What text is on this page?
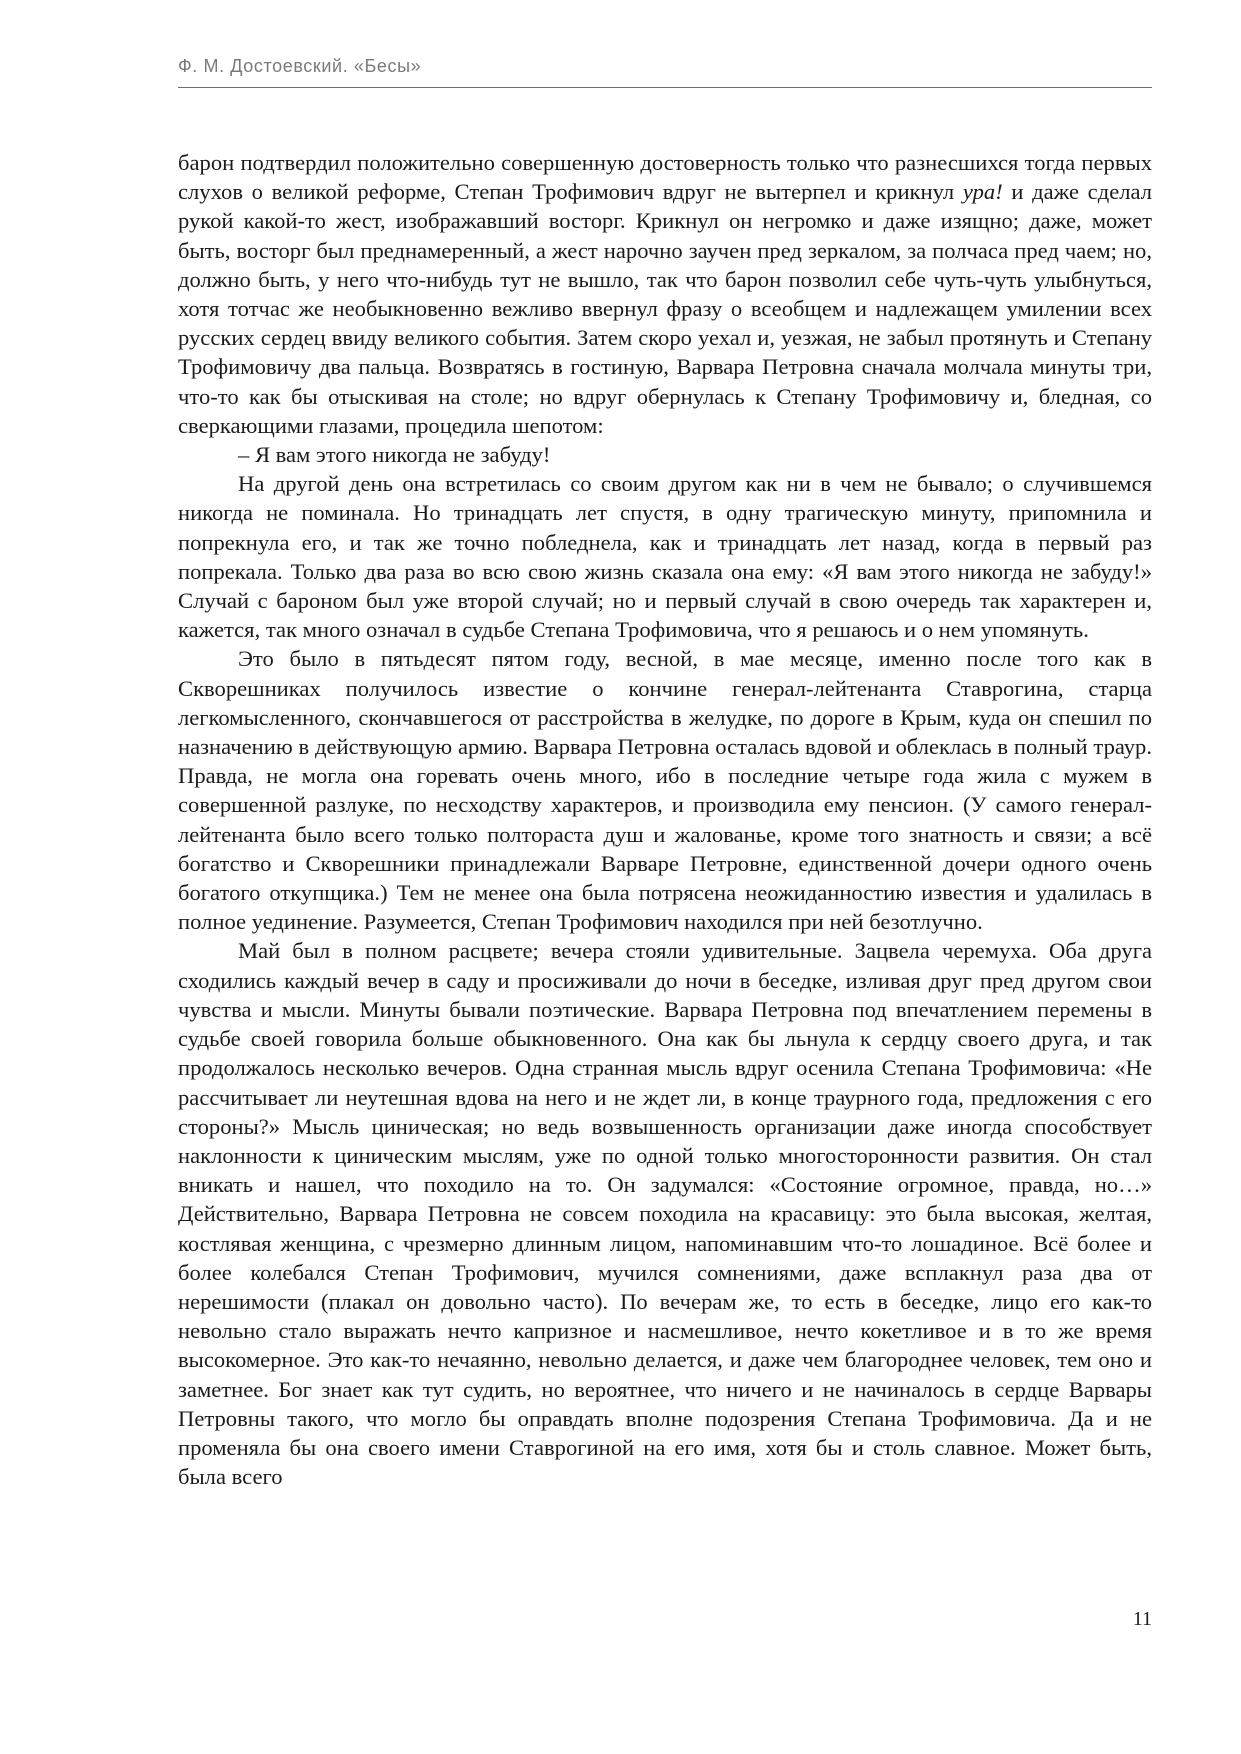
Ф. М. Достоевский. «Бесы»

барон подтвердил положительно совершенную достоверность только что разнесшихся тогда первых слухов о великой реформе, Степан Трофимович вдруг не вытерпел и крикнул ура! и даже сделал рукой какой-то жест, изображавший восторг. Крикнул он негромко и даже изящно; даже, может быть, восторг был преднамеренный, а жест нарочно заучен пред зеркалом, за полчаса пред чаем; но, должно быть, у него что-нибудь тут не вышло, так что барон позволил себе чуть-чуть улыбнуться, хотя тотчас же необыкновенно вежливо ввернул фразу о всеобщем и надлежащем умилении всех русских сердец ввиду великого события. Затем скоро уехал и, уезжая, не забыл протянуть и Степану Трофимовичу два пальца. Возвратясь в гостиную, Варвара Петровна сначала молчала минуты три, что-то как бы отыскивая на столе; но вдруг обернулась к Степану Трофимовичу и, бледная, со сверкающими глазами, процедила шепотом:

– Я вам этого никогда не забуду!

На другой день она встретилась со своим другом как ни в чем не бывало; о случившемся никогда не поминала. Но тринадцать лет спустя, в одну трагическую минуту, припомнила и попрекнула его, и так же точно побледнела, как и тринадцать лет назад, когда в первый раз попрекала. Только два раза во всю свою жизнь сказала она ему: «Я вам этого никогда не забуду!» Случай с бароном был уже второй случай; но и первый случай в свою очередь так характерен и, кажется, так много означал в судьбе Степана Трофимовича, что я решаюсь и о нем упомянуть.

Это было в пятьдесят пятом году, весной, в мае месяце, именно после того как в Скворешниках получилось известие о кончине генерал-лейтенанта Ставрогина, старца легкомысленного, скончавшегося от расстройства в желудке, по дороге в Крым, куда он спешил по назначению в действующую армию. Варвара Петровна осталась вдовой и облеклась в полный траур. Правда, не могла она горевать очень много, ибо в последние четыре года жила с мужем в совершенной разлуке, по несходству характеров, и производила ему пенсион. (У самого генерал-лейтенанта было всего только полтораста душ и жалованье, кроме того знатность и связи; а всё богатство и Скворешники принадлежали Варваре Петровне, единственной дочери одного очень богатого откупщика.) Тем не менее она была потрясена неожиданностию известия и удалилась в полное уединение. Разумеется, Степан Трофимович находился при ней безотлучно.

Май был в полном расцвете; вечера стояли удивительные. Зацвела черемуха. Оба друга сходились каждый вечер в саду и просиживали до ночи в беседке, изливая друг пред другом свои чувства и мысли. Минуты бывали поэтические. Варвара Петровна под впечатлением перемены в судьбе своей говорила больше обыкновенного. Она как бы льнула к сердцу своего друга, и так продолжалось несколько вечеров. Одна странная мысль вдруг осенила Степана Трофимовича: «Не рассчитывает ли неутешная вдова на него и не ждет ли, в конце траурного года, предложения с его стороны?» Мысль циническая; но ведь возвышенность организации даже иногда способствует наклонности к циническим мыслям, уже по одной только многосторонности развития. Он стал вникать и нашел, что походило на то. Он задумался: «Состояние огромное, правда, но…» Действительно, Варвара Петровна не совсем походила на красавицу: это была высокая, желтая, костлявая женщина, с чрезмерно длинным лицом, напоминавшим что-то лошадиное. Всё более и более колебался Степан Трофимович, мучился сомнениями, даже всплакнул раза два от нерешимости (плакал он довольно часто). По вечерам же, то есть в беседке, лицо его как-то невольно стало выражать нечто капризное и насмешливое, нечто кокетливое и в то же время высокомерное. Это как-то нечаянно, невольно делается, и даже чем благороднее человек, тем оно и заметнее. Бог знает как тут судить, но вероятнее, что ничего и не начиналось в сердце Варвары Петровны такого, что могло бы оправдать вполне подозрения Степана Трофимовича. Да и не променяла бы она своего имени Ставрогиной на его имя, хотя бы и столь славное. Может быть, была всего

11
